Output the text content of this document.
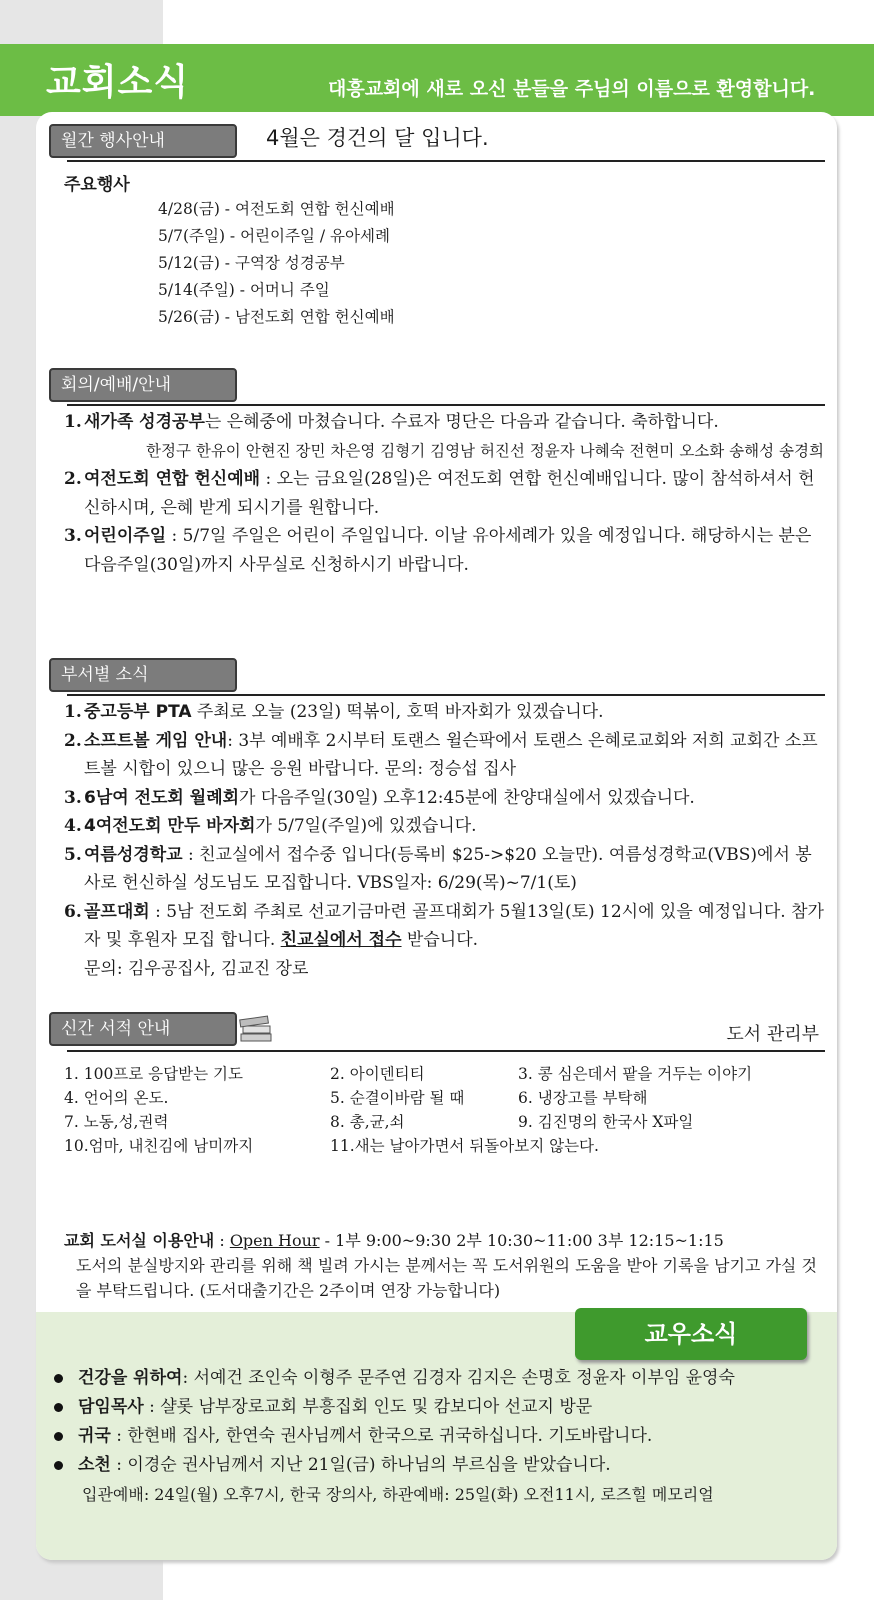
교회소식	대흥교회에 새로 오신 분들을 주님의 이름으로 환영합니다.
월간 행사안내	4월은 경건의 달 입니다.
주요행사
4/28(금) - 여전도회 연합 헌신예배
5/7(주일) - 어린이주일 / 유아세례
5/12(금) - 구역장 성경공부
5/14(주일) - 어머니 주일
5/26(금) - 남전도회 연합 헌신예배
회의/예배/안내
1. 새가족 성경공부는 은혜중에 마쳤습니다. 수료자 명단은 다음과 같습니다. 축하합니다.
한정구 한유이 안현진 장민 차은영 김형기 김영남 허진선 정윤자 나혜숙 전현미 오소화 송해성 송경희
2. 여전도회 연합 헌신예배 : 오는 금요일(28일)은 여전도회 연합 헌신예배입니다. 많이 참석하셔서 헌신하시며, 은혜 받게 되시기를 원합니다.
3. 어린이주일 : 5/7일 주일은 어린이 주일입니다. 이날 유아세례가 있을 예정입니다. 해당하시는 분은 다음주일(30일)까지 사무실로 신청하시기 바랍니다.
부서별 소식
1. 중고등부 PTA 주최로 오늘 (23일) 떡볶이, 호떡 바자회가 있겠습니다.
2. 소프트볼 게임 안내: 3부 예배후 2시부터 토랜스 윌슨팍에서 토랜스 은혜로교회와 저희 교회간 소프트볼 시합이 있으니 많은 응원 바랍니다. 문의: 정승섭 집사
3. 6남여 전도회 월례회가 다음주일(30일) 오후12:45분에 찬양대실에서 있겠습니다.
4. 4여전도회 만두 바자회가 5/7일(주일)에 있겠습니다.
5. 여름성경학교 : 친교실에서 접수중 입니다(등록비 $25->$20 오늘만). 여름성경학교(VBS)에서 봉사로 헌신하실 성도님도 모집합니다. VBS일자: 6/29(목)~7/1(토)
6. 골프대회 : 5남 전도회 주최로 선교기금마련 골프대회가 5월13일(토) 12시에 있을 예정입니다. 참가자 및 후원자 모집 합니다. 친교실에서 접수 받습니다.
문의: 김우공집사, 김교진 장로
신간 서적 안내	도서 관리부
1. 100프로 응답받는 기도	2. 아이덴티티	3. 콩 심은데서 팥을 거두는 이야기
4. 언어의 온도.	5. 순결이바람 될 때	6. 냉장고를 부탁해
7. 노동,성,권력	8. 총,균,쇠	9. 김진명의 한국사 X파일
10.엄마, 내친김에 남미까지	11.새는 날아가면서 뒤돌아보지 않는다.
교회 도서실 이용안내 : Open Hour - 1부 9:00~9:30 2부 10:30~11:00 3부 12:15~1:15
도서의 분실방지와 관리를 위해 책 빌려 가시는 분께서는 꼭 도서위원의 도움을 받아 기록을 남기고 가실 것을 부탁드립니다. (도서대출기간은 2주이며 연장 가능합니다)
교우소식
건강을 위하여: 서예건 조인숙 이형주 문주연 김경자 김지은 손명호 정윤자 이부임 윤영숙
담임목사 : 샬롯 남부장로교회 부흥집회 인도 및 캄보디아 선교지 방문
귀국 : 한현배 집사, 한연숙 권사님께서 한국으로 귀국하십니다. 기도바랍니다.
소천 : 이경순 권사님께서 지난 21일(금) 하나님의 부르심을 받았습니다.
입관예배: 24일(월) 오후7시, 한국 장의사, 하관예배: 25일(화) 오전11시, 로즈힐 메모리얼
